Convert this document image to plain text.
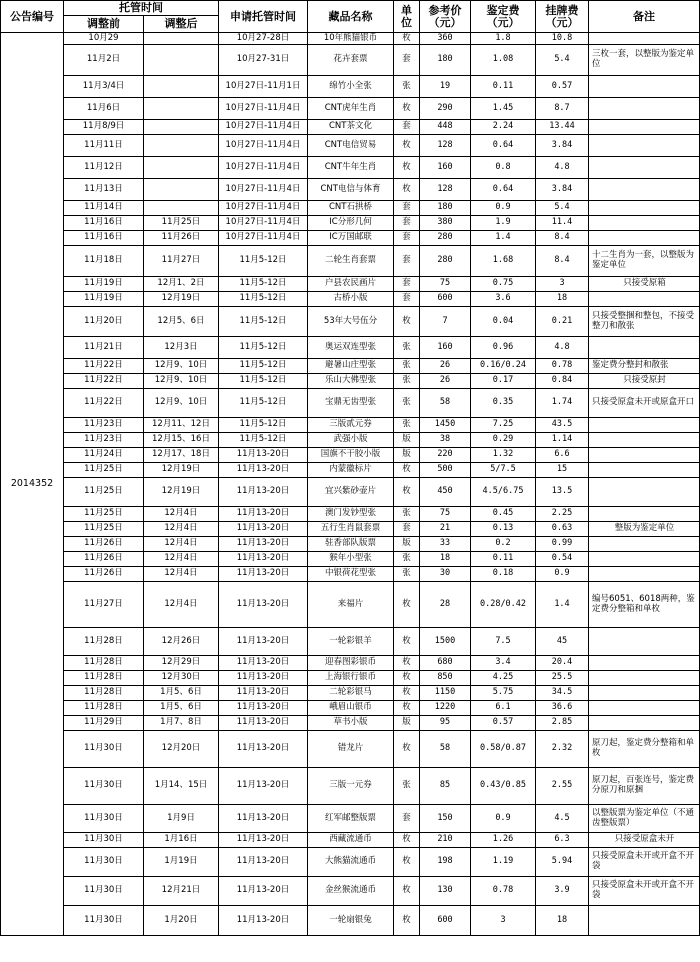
公告编号	托管时间		申请托管时间	藏品名称	单位	参考价（元）	鉴定费（元）	挂牌费（元）	备注
	调整前	调整后							
2014352	10月29		10月27-28日	10年熊猫银币	枚	360	1.8	10.8	
	11月2日		10月27-31日	花卉套票	套	180	1.08	5.4	三枚一套，以整版为鉴定单位
	11月3/4日		10月27日-11月1日	绵竹小全张	张	19	0.11	0.57	
	11月6日		10月27日-11月4日	CNT虎年生肖	枚	290	1.45	8.7	
	11月8/9日		10月27日-11月4日	CNT茶文化	套	448	2.24	13.44	
	11月11日		10月27日-11月4日	CNT电信贸易	枚	128	0.64	3.84	
	11月12日		10月27日-11月4日	CNT牛年生肖	枚	160	0.8	4.8	
	11月13日		10月27日-11月4日	CNT电信与体育	枚	128	0.64	3.84	
	11月14日		10月27日-11月4日	CNT石拱桥	套	180	0.9	5.4	
	11月16日	11月25日	10月27日-11月4日	IC分形几何	套	380	1.9	11.4	
	11月16日	11月26日	10月27日-11月4日	IC万国邮联	套	280	1.4	8.4	
	11月18日	11月27日	11月5-12日	二轮生肖套票	套	280	1.68	8.4	十二生肖为一套，以整版为鉴定单位
	11月19日	12月1、2日	11月5-12日	户县农民画片	套	75	0.75	3	只接受原箱
	11月19日	12月19日	11月5-12日	古桥小版	套	600	3.6	18	
	11月20日	12月5、6日	11月5-12日	53年大号伍分	枚	7	0.04	0.21	只接受整捆和整包，不接受整刀和散张
	11月21日	12月3日	11月5-12日	奥运双连型张	张	160	0.96	4.8	
	11月22日	12月9、10日	11月5-12日	避暑山庄型张	张	26	0.16/0.24	0.78	鉴定费分整封和散张
	11月22日	12月9、10日	11月5-12日	乐山大佛型张	张	26	0.17	0.84	只接受原封
	11月22日	12月9、10日	11月5-12日	宝鼎无齿型张	张	58	0.35	1.74	只接受原盒未开或原盒开口
	11月23日	12月11、12日	11月5-12日	三版贰元券	张	1450	7.25	43.5	
	11月23日	12月15、16日	11月5-12日	武强小版	版	38	0.29	1.14	
	11月24日	12月17、18日	11月13-20日	国旗不干胶小版	版	220	1.32	6.6	
	11月25日	12月19日	11月13-20日	内蒙徽标片	枚	500	5/7.5	15	
	11月25日	12月19日	11月13-20日	宜兴紫砂壶片	枚	450	4.5/6.75	13.5	
	11月25日	12月4日	11月13-20日	澳门发钞型张	张	75	0.45	2.25	
	11月25日	12月4日	11月13-20日	五行生肖鼠套票	套	21	0.13	0.63	整版为鉴定单位
	11月26日	12月4日	11月13-20日	驻香部队版票	版	33	0.2	0.99	
	11月26日	12月4日	11月13-20日	猴年小型张	张	18	0.11	0.54	
	11月26日	12月4日	11月13-20日	中银荷花型张	张	30	0.18	0.9	
	11月27日	12月4日	11月13-20日	来福片	枚	28	0.28/0.42	1.4	编号6051、6018两种，鉴定费分整箱和单枚
	11月28日	12月26日	11月13-20日	一轮彩银羊	枚	1500	7.5	45	
	11月28日	12月29日	11月13-20日	迎春图彩银币	枚	680	3.4	20.4	
	11月28日	12月30日	11月13-20日	上海银行银币	枚	850	4.25	25.5	
	11月28日	1月5、6日	11月13-20日	二轮彩银马	枚	1150	5.75	34.5	
	11月28日	1月5、6日	11月13-20日	峨眉山银币	枚	1220	6.1	36.6	
	11月29日	1月7、8日	11月13-20日	草书小版	版	95	0.57	2.85	
	11月30日	12月20日	11月13-20日	错龙片	枚	58	0.58/0.87	2.32	原刀起，鉴定费分整箱和单枚
	11月30日	1月14、15日	11月13-20日	三版一元券	张	85	0.43/0.85	2.55	原刀起，百张连号，鉴定费分原刀和原捆
	11月30日	1月9日	11月13-20日	红军邮整版票	套	150	0.9	4.5	以整版票为鉴定单位（不通齿整版票）
	11月30日	1月16日	11月13-20日	西藏流通币	枚	210	1.26	6.3	只接受原盒未开
	11月30日	1月19日	11月13-20日	大熊猫流通币	枚	198	1.19	5.94	只接受原盒未开或开盒不开袋
	11月30日	12月21日	11月13-20日	金丝猴流通币	枚	130	0.78	3.9	只接受原盒未开或开盒不开袋
	11月30日	1月20日	11月13-20日	一轮扇银兔	枚	600	3	18	
